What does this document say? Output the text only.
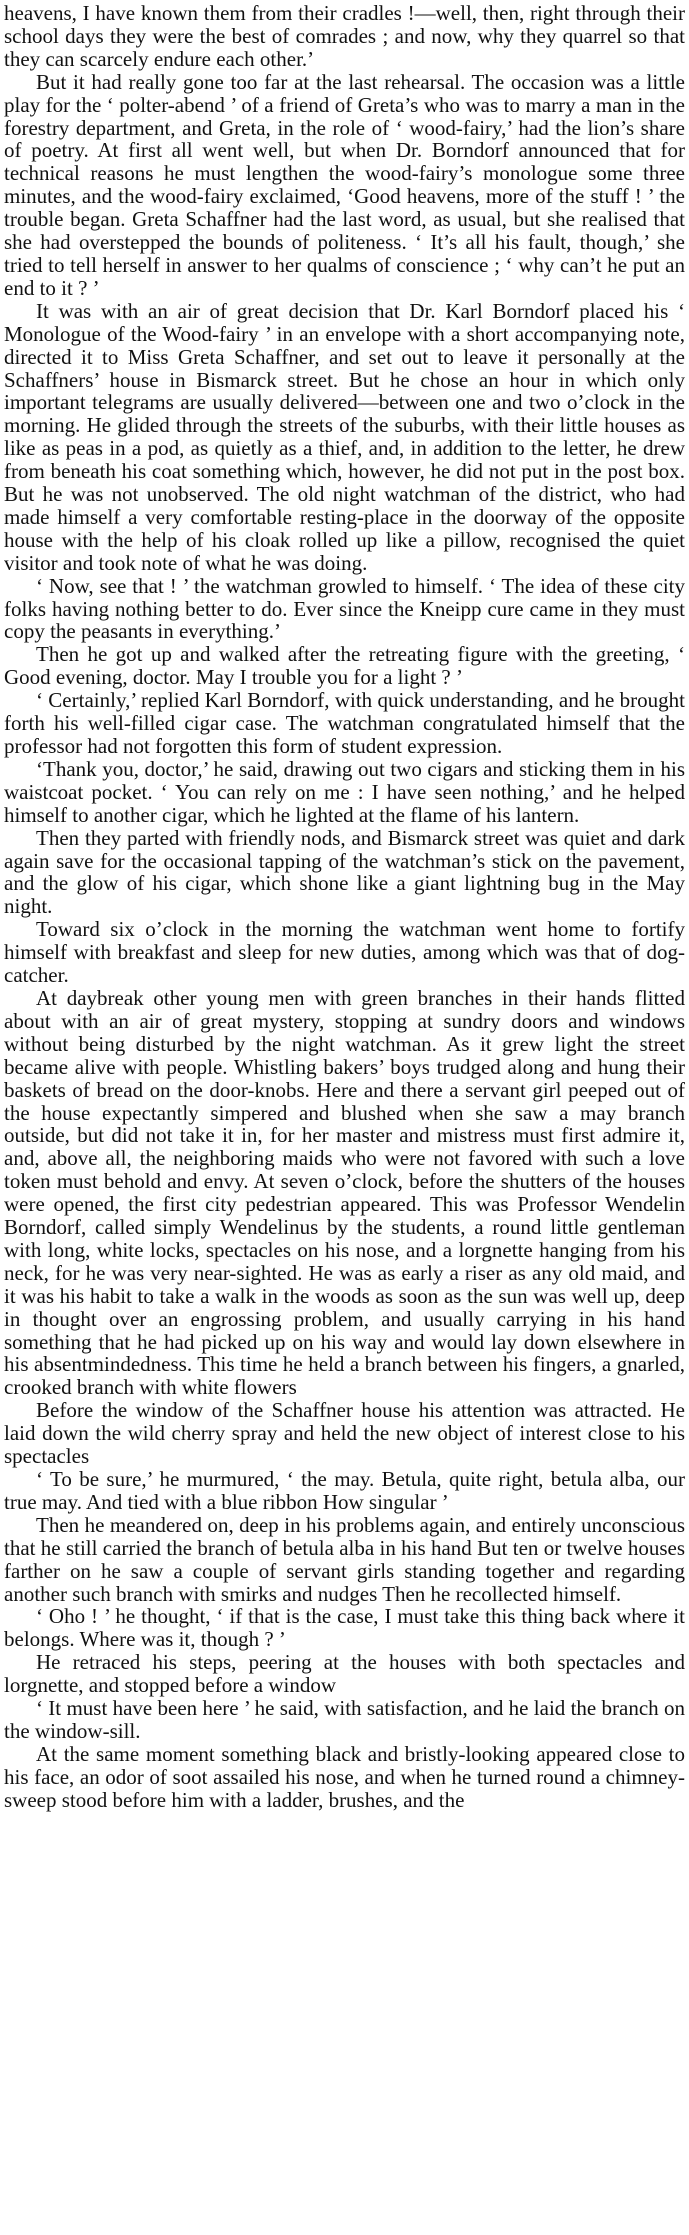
heavens, I have known them from their cradles !—well, then, right through their school days they were the best of comrades ; and now, why they quarrel so that they can scarcely endure each other.’

But it had really gone too far at the last rehearsal. The occasion was a little play for the ‘ polter-abend ’ of a friend of Greta’s who was to marry a man in the forestry department, and Greta, in the role of ‘ wood-fairy,’ had the lion’s share of poetry. At first all went well, but when Dr. Borndorf announced that for technical reasons he must lengthen the wood-fairy’s monologue some three minutes, and the wood-fairy exclaimed, ‘Good heavens, more of the stuff ! ’ the trouble began. Greta Schaffner had the last word, as usual, but she realised that she had overstepped the bounds of politeness. ‘ It’s all his fault, though,’ she tried to tell herself in answer to her qualms of conscience ; ‘ why can’t he put an end to it ? ’

It was with an air of great decision that Dr. Karl Borndorf placed his ‘ Monologue of the Wood-fairy ’ in an envelope with a short accompanying note, directed it to Miss Greta Schaffner, and set out to leave it personally at the Schaffners’ house in Bismarck street. But he chose an hour in which only important telegrams are usually delivered—between one and two o’clock in the morning. He glided through the streets of the suburbs, with their little houses as like as peas in a pod, as quietly as a thief, and, in addition to the letter, he drew from beneath his coat something which, however, he did not put in the post box. But he was not unobserved. The old night watchman of the district, who had made himself a very comfortable resting-place in the doorway of the opposite house with the help of his cloak rolled up like a pillow, recognised the quiet visitor and took note of what he was doing.

‘ Now, see that ! ’ the watchman growled to himself. ‘ The idea of these city folks having nothing better to do. Ever since the Kneipp cure came in they must copy the peasants in everything.’

Then he got up and walked after the retreating figure with the greeting, ‘ Good evening, doctor. May I trouble you for a light ? ’

‘ Certainly,’ replied Karl Borndorf, with quick understanding, and he brought forth his well-filled cigar case. The watchman congratulated himself that the professor had not forgotten this form of student expression.

‘Thank you, doctor,’ he said, drawing out two cigars and sticking them in his waistcoat pocket. ‘ You can rely on me : I have seen nothing,’ and he helped himself to another cigar, which he lighted at the flame of his lantern.

Then they parted with friendly nods, and Bismarck street was quiet and dark again save for the occasional tapping of the watchman’s stick on the pavement, and the glow of his cigar, which shone like a giant lightning bug in the May night.

Toward six o’clock in the morning the watchman went home to fortify himself with breakfast and sleep for new duties, among which was that of dog-catcher.

At daybreak other young men with green branches in their hands flitted about with an air of great mystery, stopping at sundry doors and windows without being disturbed by the night watchman. As it grew light the street became alive with people. Whistling bakers’ boys trudged along and hung their baskets of bread on the door-knobs. Here and there a servant girl peeped out of the house expectantly simpered and blushed when she saw a may branch outside, but did not take it in, for her master and mistress must first admire it, and, above all, the neighboring maids who were not favored with such a love token must behold and envy. At seven o’clock, before the shutters of the houses were opened, the first city pedestrian appeared. This was Professor Wendelin Borndorf, called simply Wendelinus by the students, a round little gentleman with long, white locks, spectacles on his nose, and a lorgnette hanging from his neck, for he was very near-sighted. He was as early a riser as any old maid, and it was his habit to take a walk in the woods as soon as the sun was well up, deep in thought over an engrossing problem, and usually carrying in his hand something that he had picked up on his way and would lay down elsewhere in his absentmindedness. This time he held a branch between his fingers, a gnarled, crooked branch with white flowers

Before the window of the Schaffner house his attention was attracted. He laid down the wild cherry spray and held the new object of interest close to his spectacles

‘ To be sure,’ he murmured, ‘ the may. Betula, quite right, betula alba, our true may. And tied with a blue ribbon How singular ’

Then he meandered on, deep in his problems again, and entirely unconscious that he still carried the branch of betula alba in his hand But ten or twelve houses farther on he saw a couple of servant girls standing together and regarding another such branch with smirks and nudges Then he recollected himself.

‘ Oho ! ’ he thought, ‘ if that is the case, I must take this thing back where it belongs. Where was it, though ? ’

He retraced his steps, peering at the houses with both spectacles and lorgnette, and stopped before a window

‘ It must have been here ’ he said, with satisfaction, and he laid the branch on the window-sill.

At the same moment something black and bristly-looking appeared close to his face, an odor of soot assailed his nose, and when he turned round a chimney-sweep stood before him with a ladder, brushes, and the
